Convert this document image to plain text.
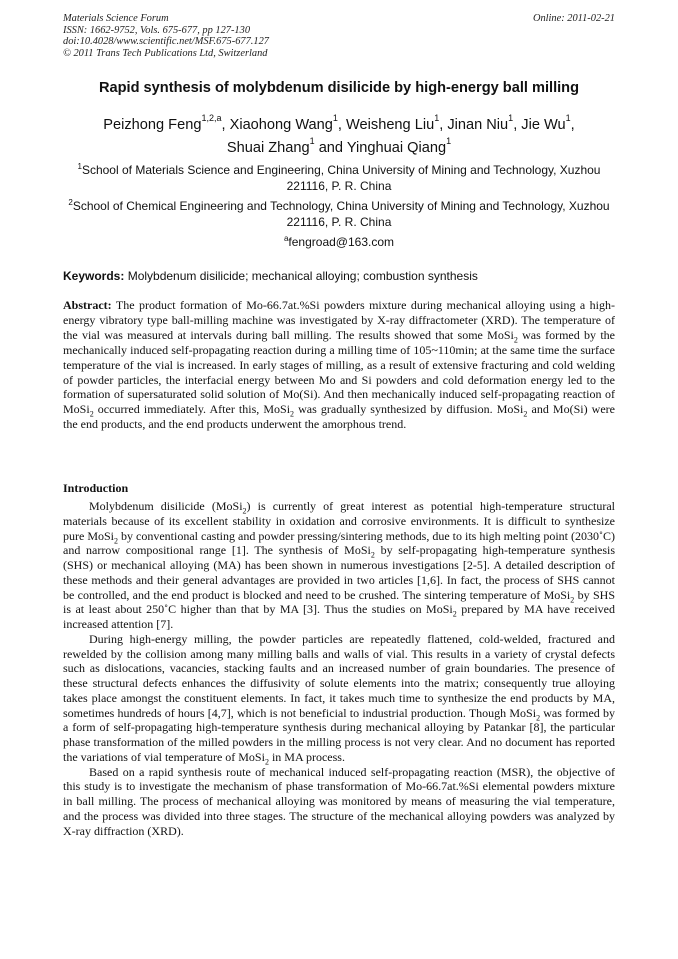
Materials Science Forum
ISSN: 1662-9752, Vols. 675-677, pp 127-130
doi:10.4028/www.scientific.net/MSF.675-677.127
© 2011 Trans Tech Publications Ltd, Switzerland
Online: 2011-02-21
Rapid synthesis of molybdenum disilicide by high-energy ball milling
Peizhong Feng$^{1,2,a}$, Xiaohong Wang$^1$, Weisheng Liu$^1$, Jinan Niu$^1$, Jie Wu$^1$,
Shuai Zhang$^1$ and Yinghuai Qiang$^1$
$^1$School of Materials Science and Engineering, China University of Mining and Technology, Xuzhou 221116, P. R. China
$^2$School of Chemical Engineering and Technology, China University of Mining and Technology, Xuzhou 221116, P. R. China
$^a$fengroad@163.com
Keywords: Molybdenum disilicide; mechanical alloying; combustion synthesis
Abstract: The product formation of Mo-66.7at.%Si powders mixture during mechanical alloying using a high-energy vibratory type ball-milling machine was investigated by X-ray diffractometer (XRD). The temperature of the vial was measured at intervals during ball milling. The results showed that some MoSi$_2$ was formed by the mechanically induced self-propagating reaction during a milling time of 105~110min; at the same time the surface temperature of the vial is increased. In early stages of milling, as a result of extensive fracturing and cold welding of powder particles, the interfacial energy between Mo and Si powders and cold deformation energy led to the formation of supersaturated solid solution of Mo(Si). And then mechanically induced self-propagating reaction of MoSi$_2$ occurred immediately. After this, MoSi$_2$ was gradually synthesized by diffusion. MoSi$_2$ and Mo(Si) were the end products, and the end products underwent the amorphous trend.
Introduction

Molybdenum disilicide (MoSi$_2$) is currently of great interest as potential high-temperature structural materials because of its excellent stability in oxidation and corrosive environments. It is difficult to synthesize pure MoSi$_2$ by conventional casting and powder pressing/sintering methods, due to its high melting point (2030˚C) and narrow compositional range [1]. The synthesis of MoSi$_2$ by self-propagating high-temperature synthesis (SHS) or mechanical alloying (MA) has been shown in numerous investigations [2-5]. A detailed description of these methods and their general advantages are provided in two articles [1,6]. In fact, the process of SHS cannot be controlled, and the end product is blocked and need to be crushed. The sintering temperature of MoSi$_2$ by SHS is at least about 250˚C higher than that by MA [3]. Thus the studies on MoSi$_2$ prepared by MA have received increased attention [7].

During high-energy milling, the powder particles are repeatedly flattened, cold-welded, fractured and rewelded by the collision among many milling balls and walls of vial. This results in a variety of crystal defects such as dislocations, vacancies, stacking faults and an increased number of grain boundaries. The presence of these structural defects enhances the diffusivity of solute elements into the matrix; consequently true alloying takes place amongst the constituent elements. In fact, it takes much time to synthesize the end products by MA, sometimes hundreds of hours [4,7], which is not beneficial to industrial production. Though MoSi$_2$ was formed by a form of self-propagating high-temperature synthesis during mechanical alloying by Patankar [8], the particular phase transformation of the milled powders in the milling process is not very clear. And no document has reported the variations of vial temperature of MoSi$_2$ in MA process.

Based on a rapid synthesis route of mechanical induced self-propagating reaction (MSR), the objective of this study is to investigate the mechanism of phase transformation of Mo-66.7at.%Si elemental powders mixture in ball milling. The process of mechanical alloying was monitored by means of measuring the vial temperature, and the process was divided into three stages. The structure of the mechanical alloying powders was analyzed by X-ray diffraction (XRD).
